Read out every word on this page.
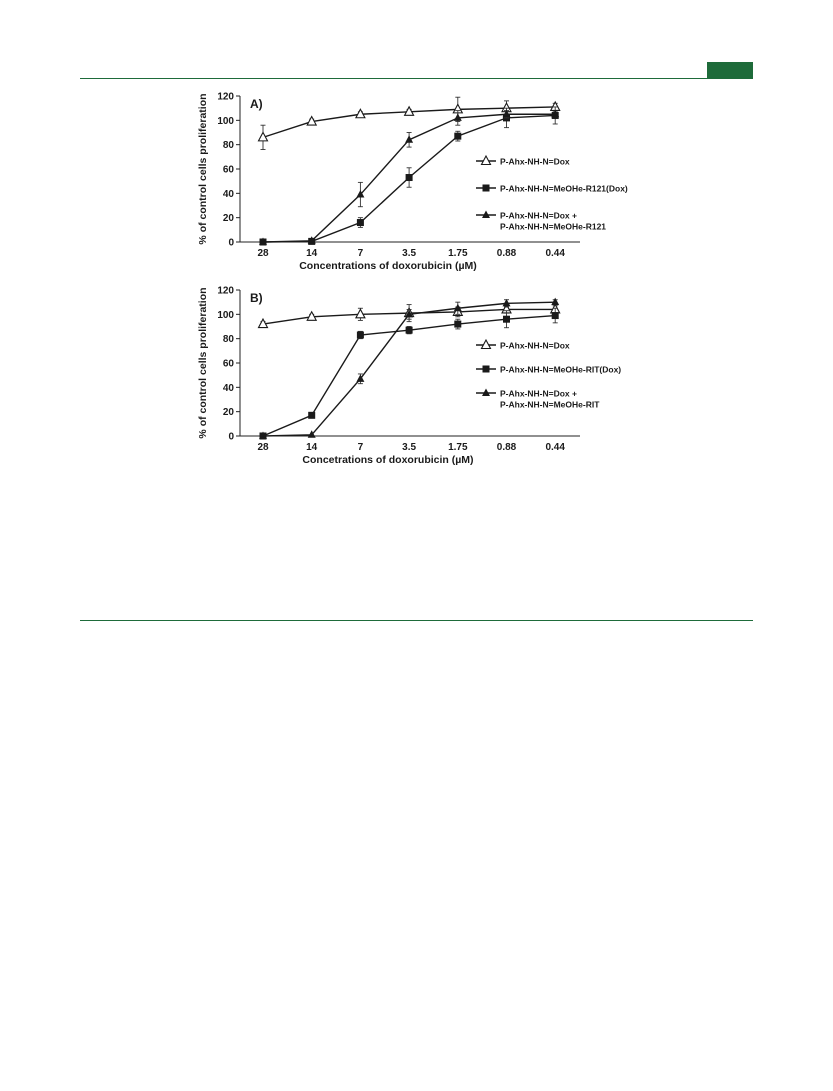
0
20
40
60
80
100
120
28	14	7	3.5	1.75	0.88	0.44
Concentrations of doxorubicin (µM)
% of control cells proliferation	A)
P-Ahx-NH-N=Dox
P-Ahx-NH-N=MeOHe-R121(Dox)
P-Ahx-NH-N=Dox +
P-Ahx-NH-N=MeOHe-R121
0
20
40
60
80
100
120
28	14	7	3.5	1.75	0.88	0.44
Concetrations of doxorubicin (µM)
% of control cells proliferation	B)
P-Ahx-NH-N=Dox
P-Ahx-NH-N=MeOHe-RIT(Dox)
P-Ahx-NH-N=Dox +
P-Ahx-NH-N=MeOHe-RIT
